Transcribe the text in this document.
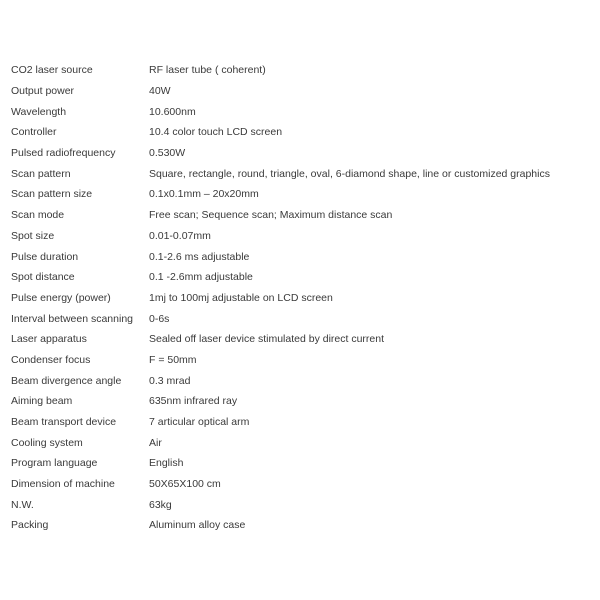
CO2 laser source	RF laser tube ( coherent)
Output power	40W
Wavelength	10.600nm
Controller	10.4 color touch LCD screen
Pulsed radiofrequency	0.530W
Scan pattern	Square, rectangle, round, triangle, oval, 6-diamond shape, line or customized graphics
Scan pattern size	0.1x0.1mm – 20x20mm
Scan mode	Free scan; Sequence scan; Maximum distance scan
Spot size	0.01-0.07mm
Pulse duration	0.1-2.6 ms adjustable
Spot distance	0.1 -2.6mm adjustable
Pulse energy (power)	1mj to 100mj adjustable on LCD screen
Interval between scanning	0-6s
Laser apparatus	Sealed off laser device stimulated by direct current
Condenser focus	F = 50mm
Beam divergence angle	0.3 mrad
Aiming beam	635nm infrared ray
Beam transport device	7 articular optical arm
Cooling system	Air
Program language	English
Dimension of machine	50X65X100 cm
N.W.	63kg
Packing	Aluminum alloy case
